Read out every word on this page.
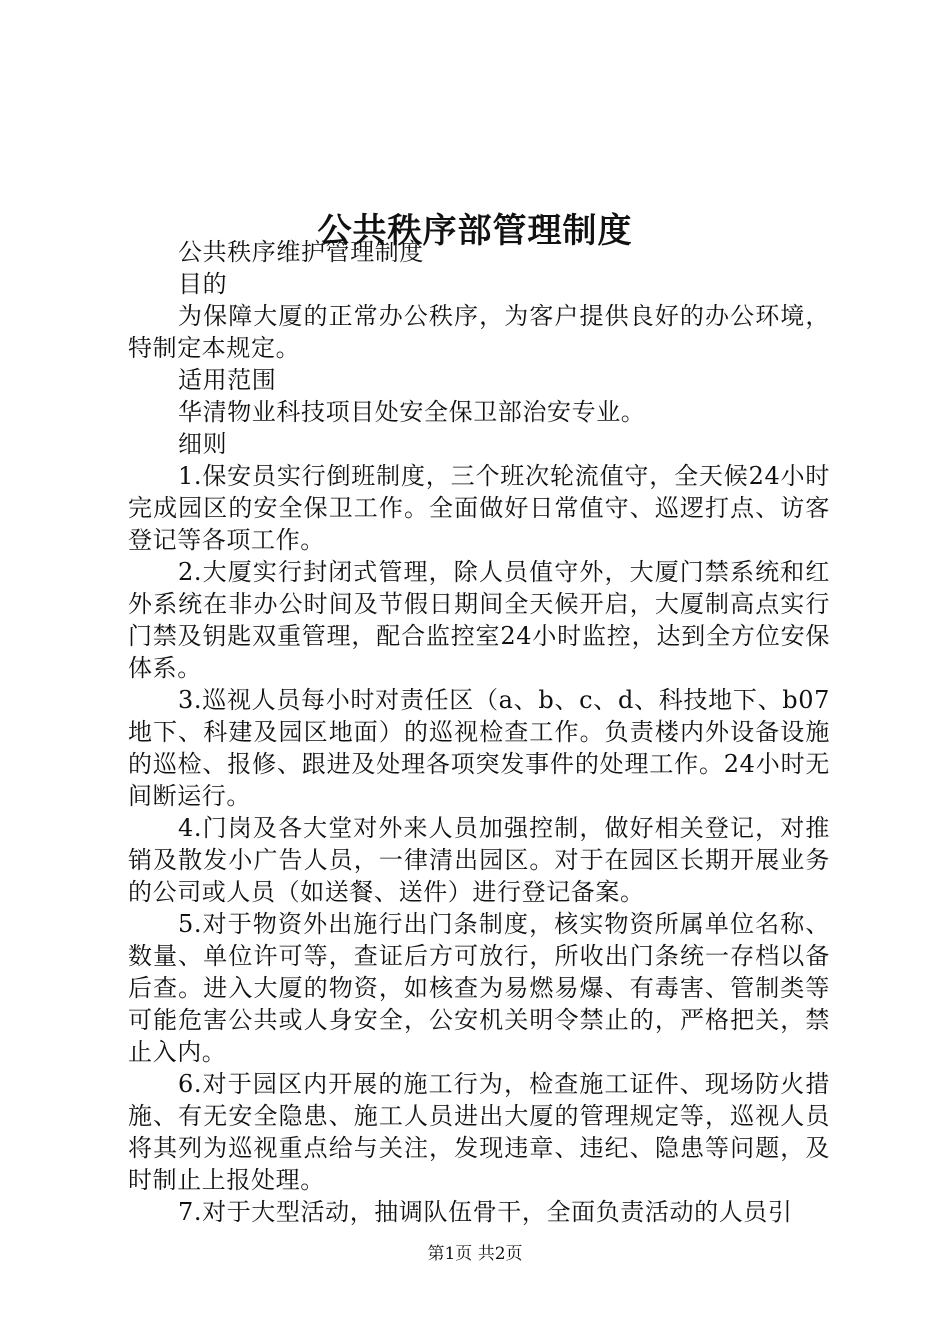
公共秩序部管理制度

公共秩序维护管理制度

目的

为保障大厦的正常办公秩序，为客户提供良好的办公环境，特制定本规定。

适用范围

华清物业科技项目处安全保卫部治安专业。

细则

1.保安员实行倒班制度，三个班次轮流值守，全天候24小时完成园区的安全保卫工作。全面做好日常值守、巡逻打点、访客登记等各项工作。

2.大厦实行封闭式管理，除人员值守外，大厦门禁系统和红外系统在非办公时间及节假日期间全天候开启，大厦制高点实行门禁及钥匙双重管理，配合监控室24小时监控，达到全方位安保体系。

3.巡视人员每小时对责任区（a、b、c、d、科技地下、b07地下、科建及园区地面）的巡视检查工作。负责楼内外设备设施的巡检、报修、跟进及处理各项突发事件的处理工作。24小时无间断运行。

4.门岗及各大堂对外来人员加强控制，做好相关登记，对推销及散发小广告人员，一律清出园区。对于在园区长期开展业务的公司或人员（如送餐、送件）进行登记备案。

5.对于物资外出施行出门条制度，核实物资所属单位名称、数量、单位许可等，查证后方可放行，所收出门条统一存档以备后查。进入大厦的物资，如核查为易燃易爆、有毒害、管制类等可能危害公共或人身安全，公安机关明令禁止的，严格把关，禁止入内。

6.对于园区内开展的施工行为，检查施工证件、现场防火措施、有无安全隐患、施工人员进出大厦的管理规定等，巡视人员将其列为巡视重点给与关注，发现违章、违纪、隐患等问题，及时制止上报处理。

7.对于大型活动，抽调队伍骨干，全面负责活动的人员引

第1页 共2页
